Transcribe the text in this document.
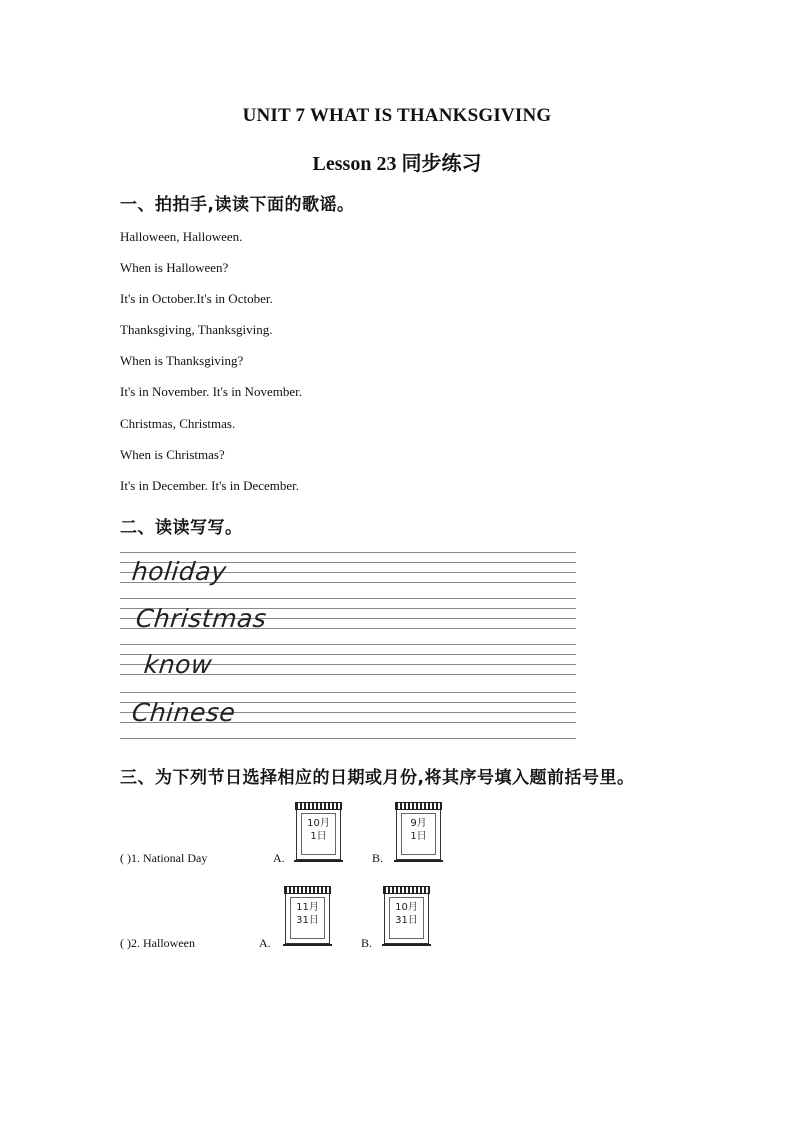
UNIT 7 WHAT IS THANKSGIVING
Lesson 23 同步练习
一、拍拍手,读读下面的歌谣。

Halloween, Halloween.

When is Halloween?

It's in October.It's in October.

Thanksgiving, Thanksgiving.

When is Thanksgiving?

It's in November. It's in November.

Christmas, Christmas.

When is Christmas?

It's in December. It's in December.

二、读读写写。
holiday
Christmas
know
Chinese
三、为下列节日选择相应的日期或月份,将其序号填入题前括号里。
( )1. National Day	A.
10月
1日
B.
9月
1日
( )2. Halloween	A.
11月
31日
B.
10月
31日
